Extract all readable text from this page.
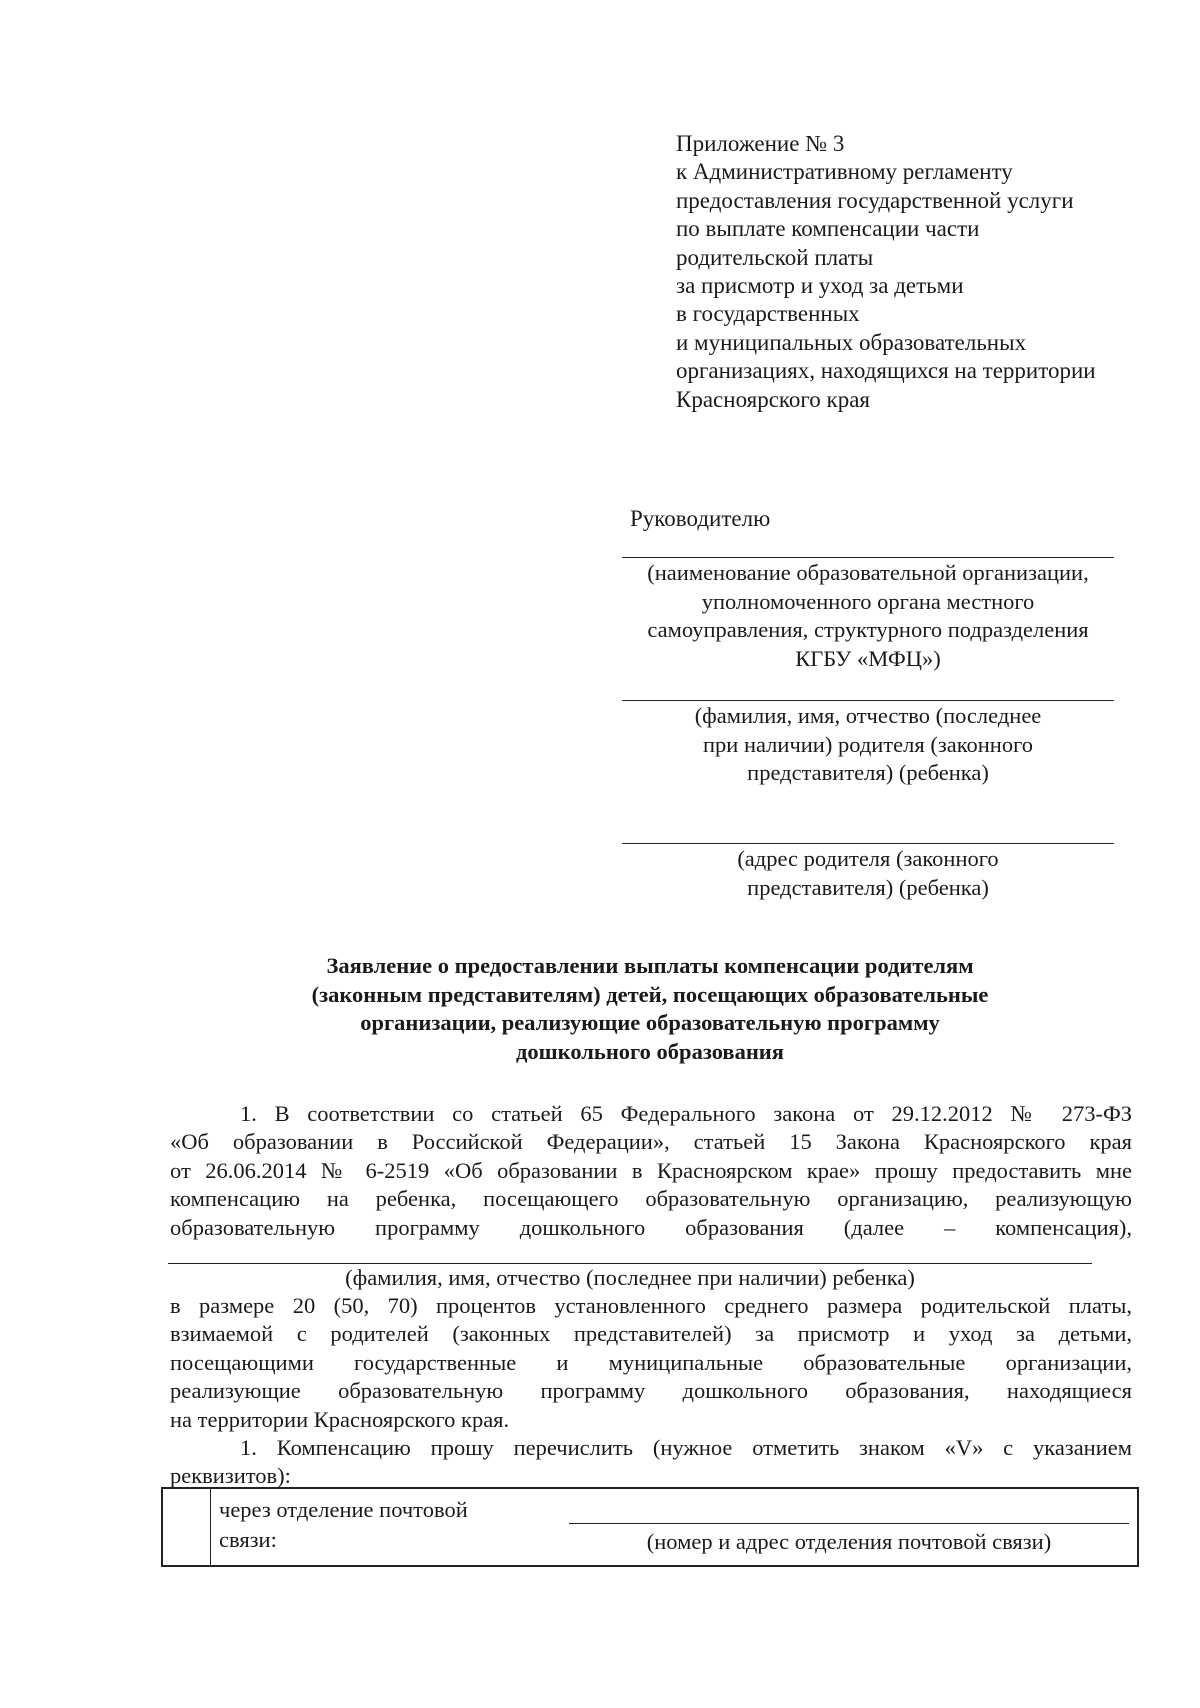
Приложение № 3
к Административному регламенту
предоставления государственной услуги
по выплате компенсации части
родительской платы
за присмотр и уход за детьми
в государственных
и муниципальных образовательных
организациях, находящихся на территории
Красноярского края
Руководителю
(наименование образовательной организации,
уполномоченного органа местного
самоуправления, структурного подразделения
КГБУ «МФЦ»)
(фамилия, имя, отчество (последнее
при наличии) родителя (законного
представителя) (ребенка)
(адрес родителя (законного
представителя) (ребенка)
Заявление о предоставлении выплаты компенсации родителям
(законным представителям) детей, посещающих образовательные
организации, реализующие образовательную программу
дошкольного образования
1. В соответствии со статьей 65 Федерального закона от 29.12.2012 № 273-ФЗ
«Об образовании в Российской Федерации», статьей 15 Закона Красноярского края
от 26.06.2014 № 6-2519 «Об образовании в Красноярском крае» прошу предоставить мне
компенсацию на ребенка, посещающего образовательную организацию, реализующую
образовательную программу дошкольного образования (далее – компенсация),
(фамилия, имя, отчество (последнее при наличии) ребенка)
в размере 20 (50, 70) процентов установленного среднего размера родительской платы,
взимаемой с родителей (законных представителей) за присмотр и уход за детьми,
посещающими государственные и муниципальные образовательные организации,
реализующие образовательную программу дошкольного образования, находящиеся
на территории Красноярского края.
1. Компенсацию прошу перечислить (нужное отметить знаком «V» с указанием
реквизитов):
через отделение почтовой
связи:	(номер и адрес отделения почтовой связи)
